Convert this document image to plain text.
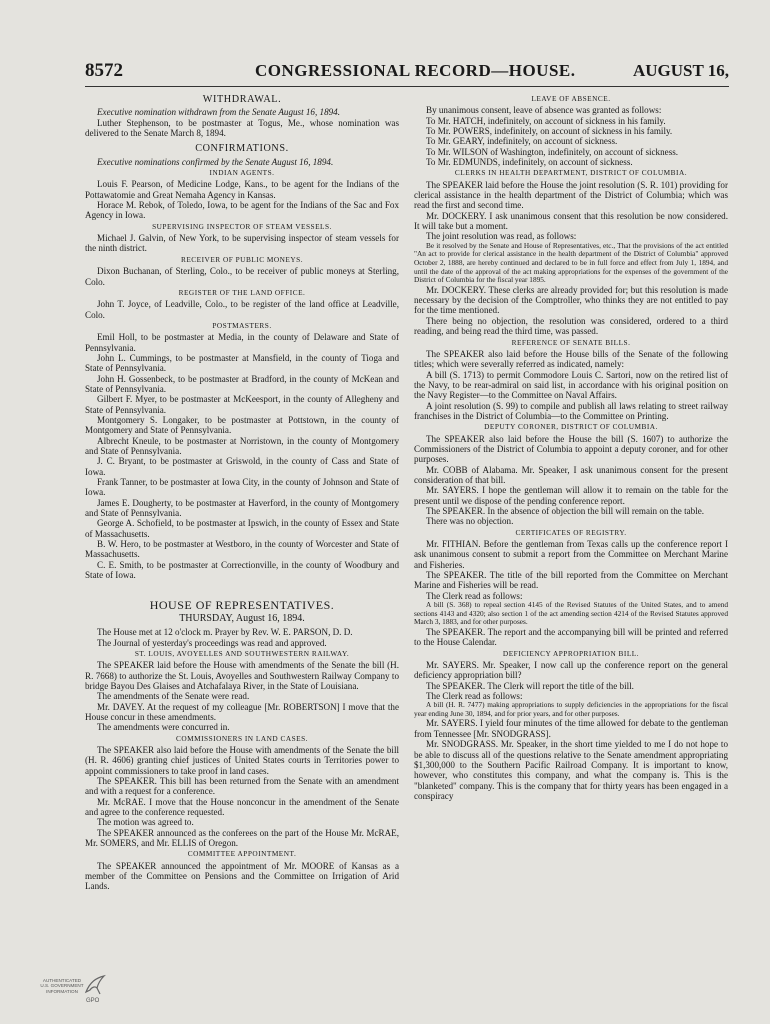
8572	CONGRESSIONAL RECORD—HOUSE.	AUGUST 16,
WITHDRAWAL.

Executive nomination withdrawn from the Senate August 16, 1894.

Luther Stephenson, to be postmaster at Togus, Me., whose nomination was delivered to the Senate March 8, 1894.

CONFIRMATIONS.

Executive nominations confirmed by the Senate August 16, 1894.

INDIAN AGENTS.

Louis F. Pearson, of Medicine Lodge, Kans., to be agent for the Indians of the Pottawatomie and Great Nemaha Agency in Kansas.

Horace M. Rebok, of Toledo, Iowa, to be agent for the Indians of the Sac and Fox Agency in Iowa.

SUPERVISING INSPECTOR OF STEAM VESSELS.

Michael J. Galvin, of New York, to be supervising inspector of steam vessels for the ninth district.

RECEIVER OF PUBLIC MONEYS.

Dixon Buchanan, of Sterling, Colo., to be receiver of public moneys at Sterling, Colo.

REGISTER OF THE LAND OFFICE.

John T. Joyce, of Leadville, Colo., to be register of the land office at Leadville, Colo.

POSTMASTERS.

Emil Holl, to be postmaster at Media, in the county of Delaware and State of Pennsylvania.

John L. Cummings, to be postmaster at Mansfield, in the county of Tioga and State of Pennsylvania.

John H. Gossenbeck, to be postmaster at Bradford, in the county of McKean and State of Pennsylvania.

Gilbert F. Myer, to be postmaster at McKeesport, in the county of Allegheny and State of Pennsylvania.

Montgomery S. Longaker, to be postmaster at Pottstown, in the county of Montgomery and State of Pennsylvania.

Albrecht Kneule, to be postmaster at Norristown, in the county of Montgomery and State of Pennsylvania.

J. C. Bryant, to be postmaster at Griswold, in the county of Cass and State of Iowa.

Frank Tanner, to be postmaster at Iowa City, in the county of Johnson and State of Iowa.

James E. Dougherty, to be postmaster at Haverford, in the county of Montgomery and State of Pennsylvania.

George A. Schofield, to be postmaster at Ipswich, in the county of Essex and State of Massachusetts.

B. W. Hero, to be postmaster at Westboro, in the county of Worcester and State of Massachusetts.

C. E. Smith, to be postmaster at Correctionville, in the county of Woodbury and State of Iowa.

HOUSE OF REPRESENTATIVES.
THURSDAY, August 16, 1894.

The House met at 12 o'clock m. Prayer by Rev. W. E. PARSON, D. D.

The Journal of yesterday's proceedings was read and approved.

ST. LOUIS, AVOYELLES AND SOUTHWESTERN RAILWAY.

The SPEAKER laid before the House with amendments of the Senate the bill (H. R. 7668) to authorize the St. Louis, Avoyelles and Southwestern Railway Company to bridge Bayou Des Glaises and Atchafalaya River, in the State of Louisiana.

The amendments of the Senate were read.

Mr. DAVEY. At the request of my colleague [Mr. ROBERTSON] I move that the House concur in these amendments.

The amendments were concurred in.

COMMISSIONERS IN LAND CASES.

The SPEAKER also laid before the House with amendments of the Senate the bill (H. R. 4606) granting chief justices of United States courts in Territories power to appoint commissioners to take proof in land cases.

The SPEAKER. This bill has been returned from the Senate with an amendment and with a request for a conference.

Mr. McRAE. I move that the House nonconcur in the amendment of the Senate and agree to the conference requested.

The motion was agreed to.

The SPEAKER announced as the conferees on the part of the House Mr. McRAE, Mr. SOMERS, and Mr. ELLIS of Oregon.

COMMITTEE APPOINTMENT.

The SPEAKER announced the appointment of Mr. MOORE of Kansas as a member of the Committee on Pensions and the Committee on Irrigation of Arid Lands.

LEAVE OF ABSENCE.

By unanimous consent, leave of absence was granted as follows:

To Mr. HATCH, indefinitely, on account of sickness in his family.

To Mr. POWERS, indefinitely, on account of sickness in his family.

To Mr. GEARY, indefinitely, on account of sickness.

To Mr. WILSON of Washington, indefinitely, on account of sickness.

To Mr. EDMUNDS, indefinitely, on account of sickness.

CLERKS IN HEALTH DEPARTMENT, DISTRICT OF COLUMBIA.

The SPEAKER laid before the House the joint resolution (S. R. 101) providing for clerical assistance in the health department of the District of Columbia; which was read the first and second time.

Mr. DOCKERY. I ask unanimous consent that this resolution be now considered. It will take but a moment.

The joint resolution was read, as follows:

Be it resolved by the Senate and House of Representatives, etc., That the provisions of the act entitled "An act to provide for clerical assistance in the health department of the District of Columbia" approved October 2, 1888, are hereby continued and declared to be in full force and effect from July 1, 1894, and until the date of the approval of the act making appropriations for the expenses of the government of the District of Columbia for the fiscal year 1895.

Mr. DOCKERY. These clerks are already provided for; but this resolution is made necessary by the decision of the Comptroller, who thinks they are not entitled to pay for the time mentioned.

There being no objection, the resolution was considered, ordered to a third reading, and being read the third time, was passed.

REFERENCE OF SENATE BILLS.

The SPEAKER also laid before the House bills of the Senate of the following titles; which were severally referred as indicated, namely:

A bill (S. 1713) to permit Commodore Louis C. Sartori, now on the retired list of the Navy, to be rear-admiral on said list, in accordance with his original position on the Navy Register—to the Committee on Naval Affairs.

A joint resolution (S. 99) to compile and publish all laws relating to street railway franchises in the District of Columbia—to the Committee on Printing.

DEPUTY CORONER, DISTRICT OF COLUMBIA.

The SPEAKER also laid before the House the bill (S. 1607) to authorize the Commissioners of the District of Columbia to appoint a deputy coroner, and for other purposes.

Mr. COBB of Alabama. Mr. Speaker, I ask unanimous consent for the present consideration of that bill.

Mr. SAYERS. I hope the gentleman will allow it to remain on the table for the present until we dispose of the pending conference report.

The SPEAKER. In the absence of objection the bill will remain on the table.

There was no objection.

CERTIFICATES OF REGISTRY.

Mr. FITHIAN. Before the gentleman from Texas calls up the conference report I ask unanimous consent to submit a report from the Committee on Merchant Marine and Fisheries.

The SPEAKER. The title of the bill reported from the Committee on Merchant Marine and Fisheries will be read.

The Clerk read as follows:

A bill (S. 368) to repeal section 4145 of the Revised Statutes of the United States, and to amend sections 4143 and 4320; also section 1 of the act amending section 4214 of the Revised Statutes approved March 3, 1883, and for other purposes.

The SPEAKER. The report and the accompanying bill will be printed and referred to the House Calendar.

DEFICIENCY APPROPRIATION BILL.

Mr. SAYERS. Mr. Speaker, I now call up the conference report on the general deficiency appropriation bill?

The SPEAKER. The Clerk will report the title of the bill.

The Clerk read as follows:

A bill (H. R. 7477) making appropriations to supply deficiencies in the appropriations for the fiscal year ending June 30, 1894, and for prior years, and for other purposes.

Mr. SAYERS. I yield four minutes of the time allowed for debate to the gentleman from Tennessee [Mr. SNODGRASS].

Mr. SNODGRASS. Mr. Speaker, in the short time yielded to me I do not hope to be able to discuss all of the questions relative to the Senate amendment appropriating $1,300,000 to the Southern Pacific Railroad Company. It is important to know, however, who constitutes this company, and what the company is. This is the "blanketed" company. This is the company that for thirty years has been engaged in a conspiracy

AUTHENTICATED U.S. GOVERNMENT INFORMATION
GPO
